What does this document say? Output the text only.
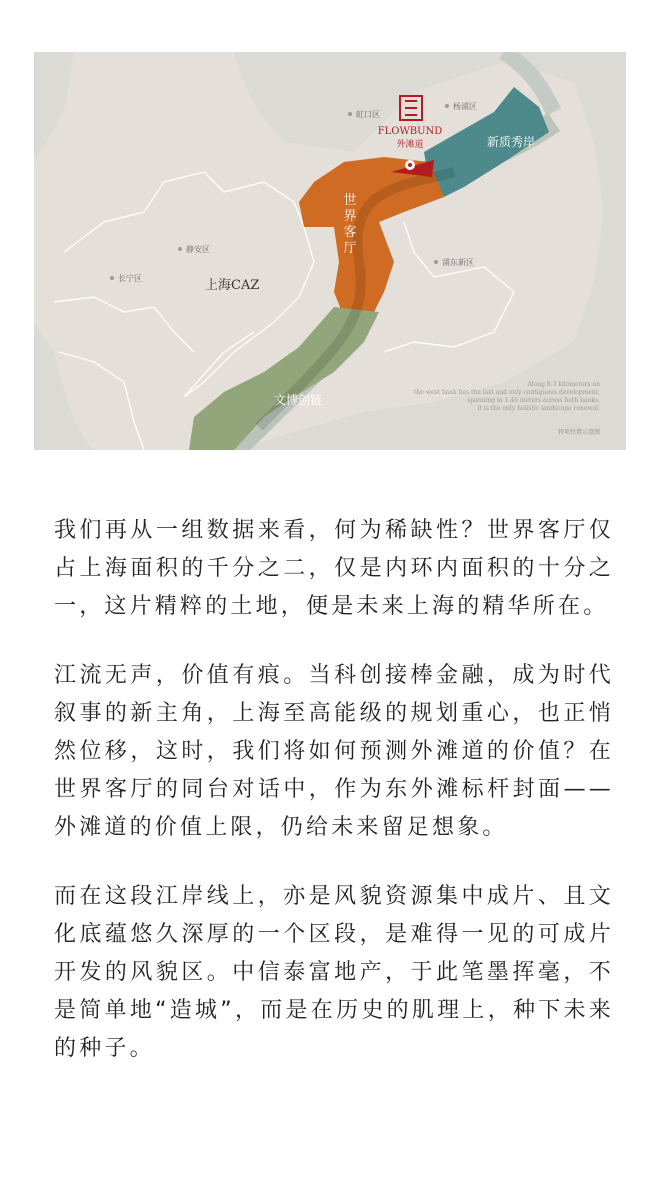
FLOWBUND
外滩道
虹口区
杨浦区
静安区
长宁区
浦东新区
新质秀岸
世
界
客
厅
上海CAZ
文博创链
Along 8.3 kilometers on
the west bank lies the last and only contiguous development,
spanning in 1.46 meters across both banks,
it is the only holistic landscape renewal.
特项位置示意图

我们再从一组数据来看，何为稀缺性？世界客厅仅占上海面积的千分之二，仅是内环内面积的十分之一，这片精粹的土地，便是未来上海的精华所在。

江流无声，价值有痕。当科创接棒金融，成为时代叙事的新主角，上海至高能级的规划重心，也正悄然位移，这时，我们将如何预测外滩道的价值？在世界客厅的同台对话中，作为东外滩标杆封面——外滩道的价值上限，仍给未来留足想象。

而在这段江岸线上，亦是风貌资源集中成片、且文化底蕴悠久深厚的一个区段，是难得一见的可成片开发的风貌区。中信泰富地产，于此笔墨挥毫，不是简单地“造城”，而是在历史的肌理上，种下未来的种子。
